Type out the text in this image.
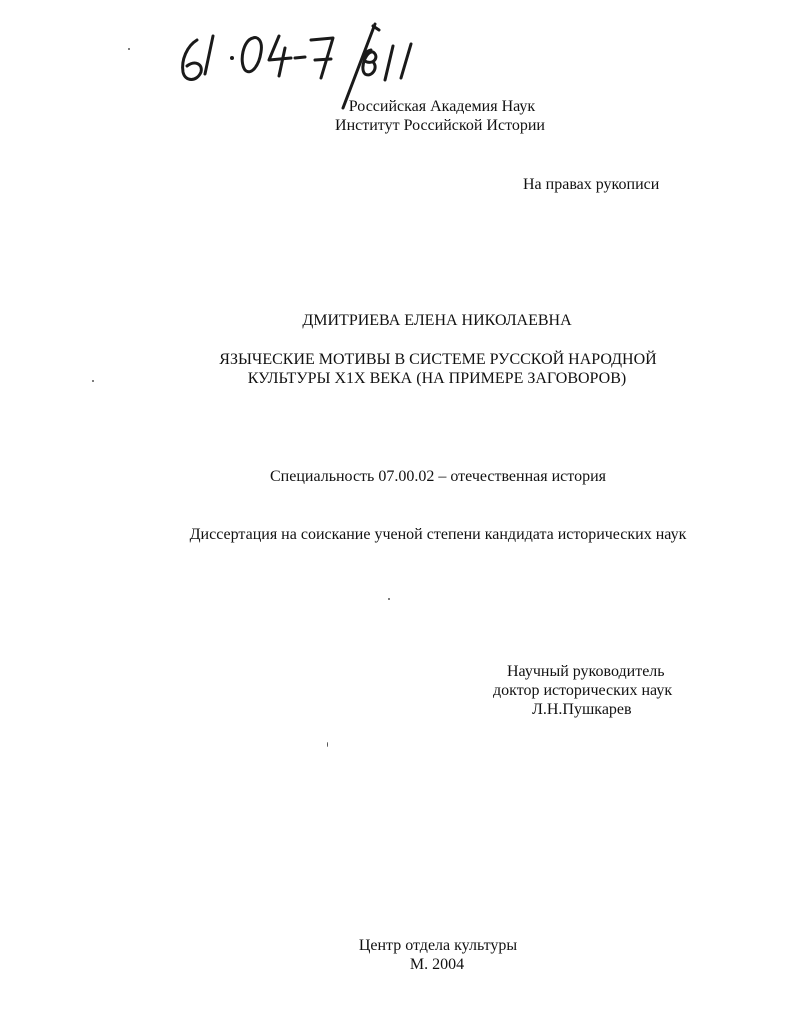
Российская Академия Наук
Институт Российской Истории
На правах рукописи
ДМИТРИЕВА ЕЛЕНА НИКОЛАЕВНА
ЯЗЫЧЕСКИЕ МОТИВЫ В СИСТЕМЕ РУССКОЙ НАРОДНОЙ
КУЛЬТУРЫ X1X ВЕКА (НА ПРИМЕРЕ ЗАГОВОРОВ)
Специальность 07.00.02 – отечественная история
Диссертация на соискание ученой степени кандидата исторических наук
Научный руководитель
доктор исторических наук
Л.Н.Пушкарев
Центр отдела культуры
М. 2004
